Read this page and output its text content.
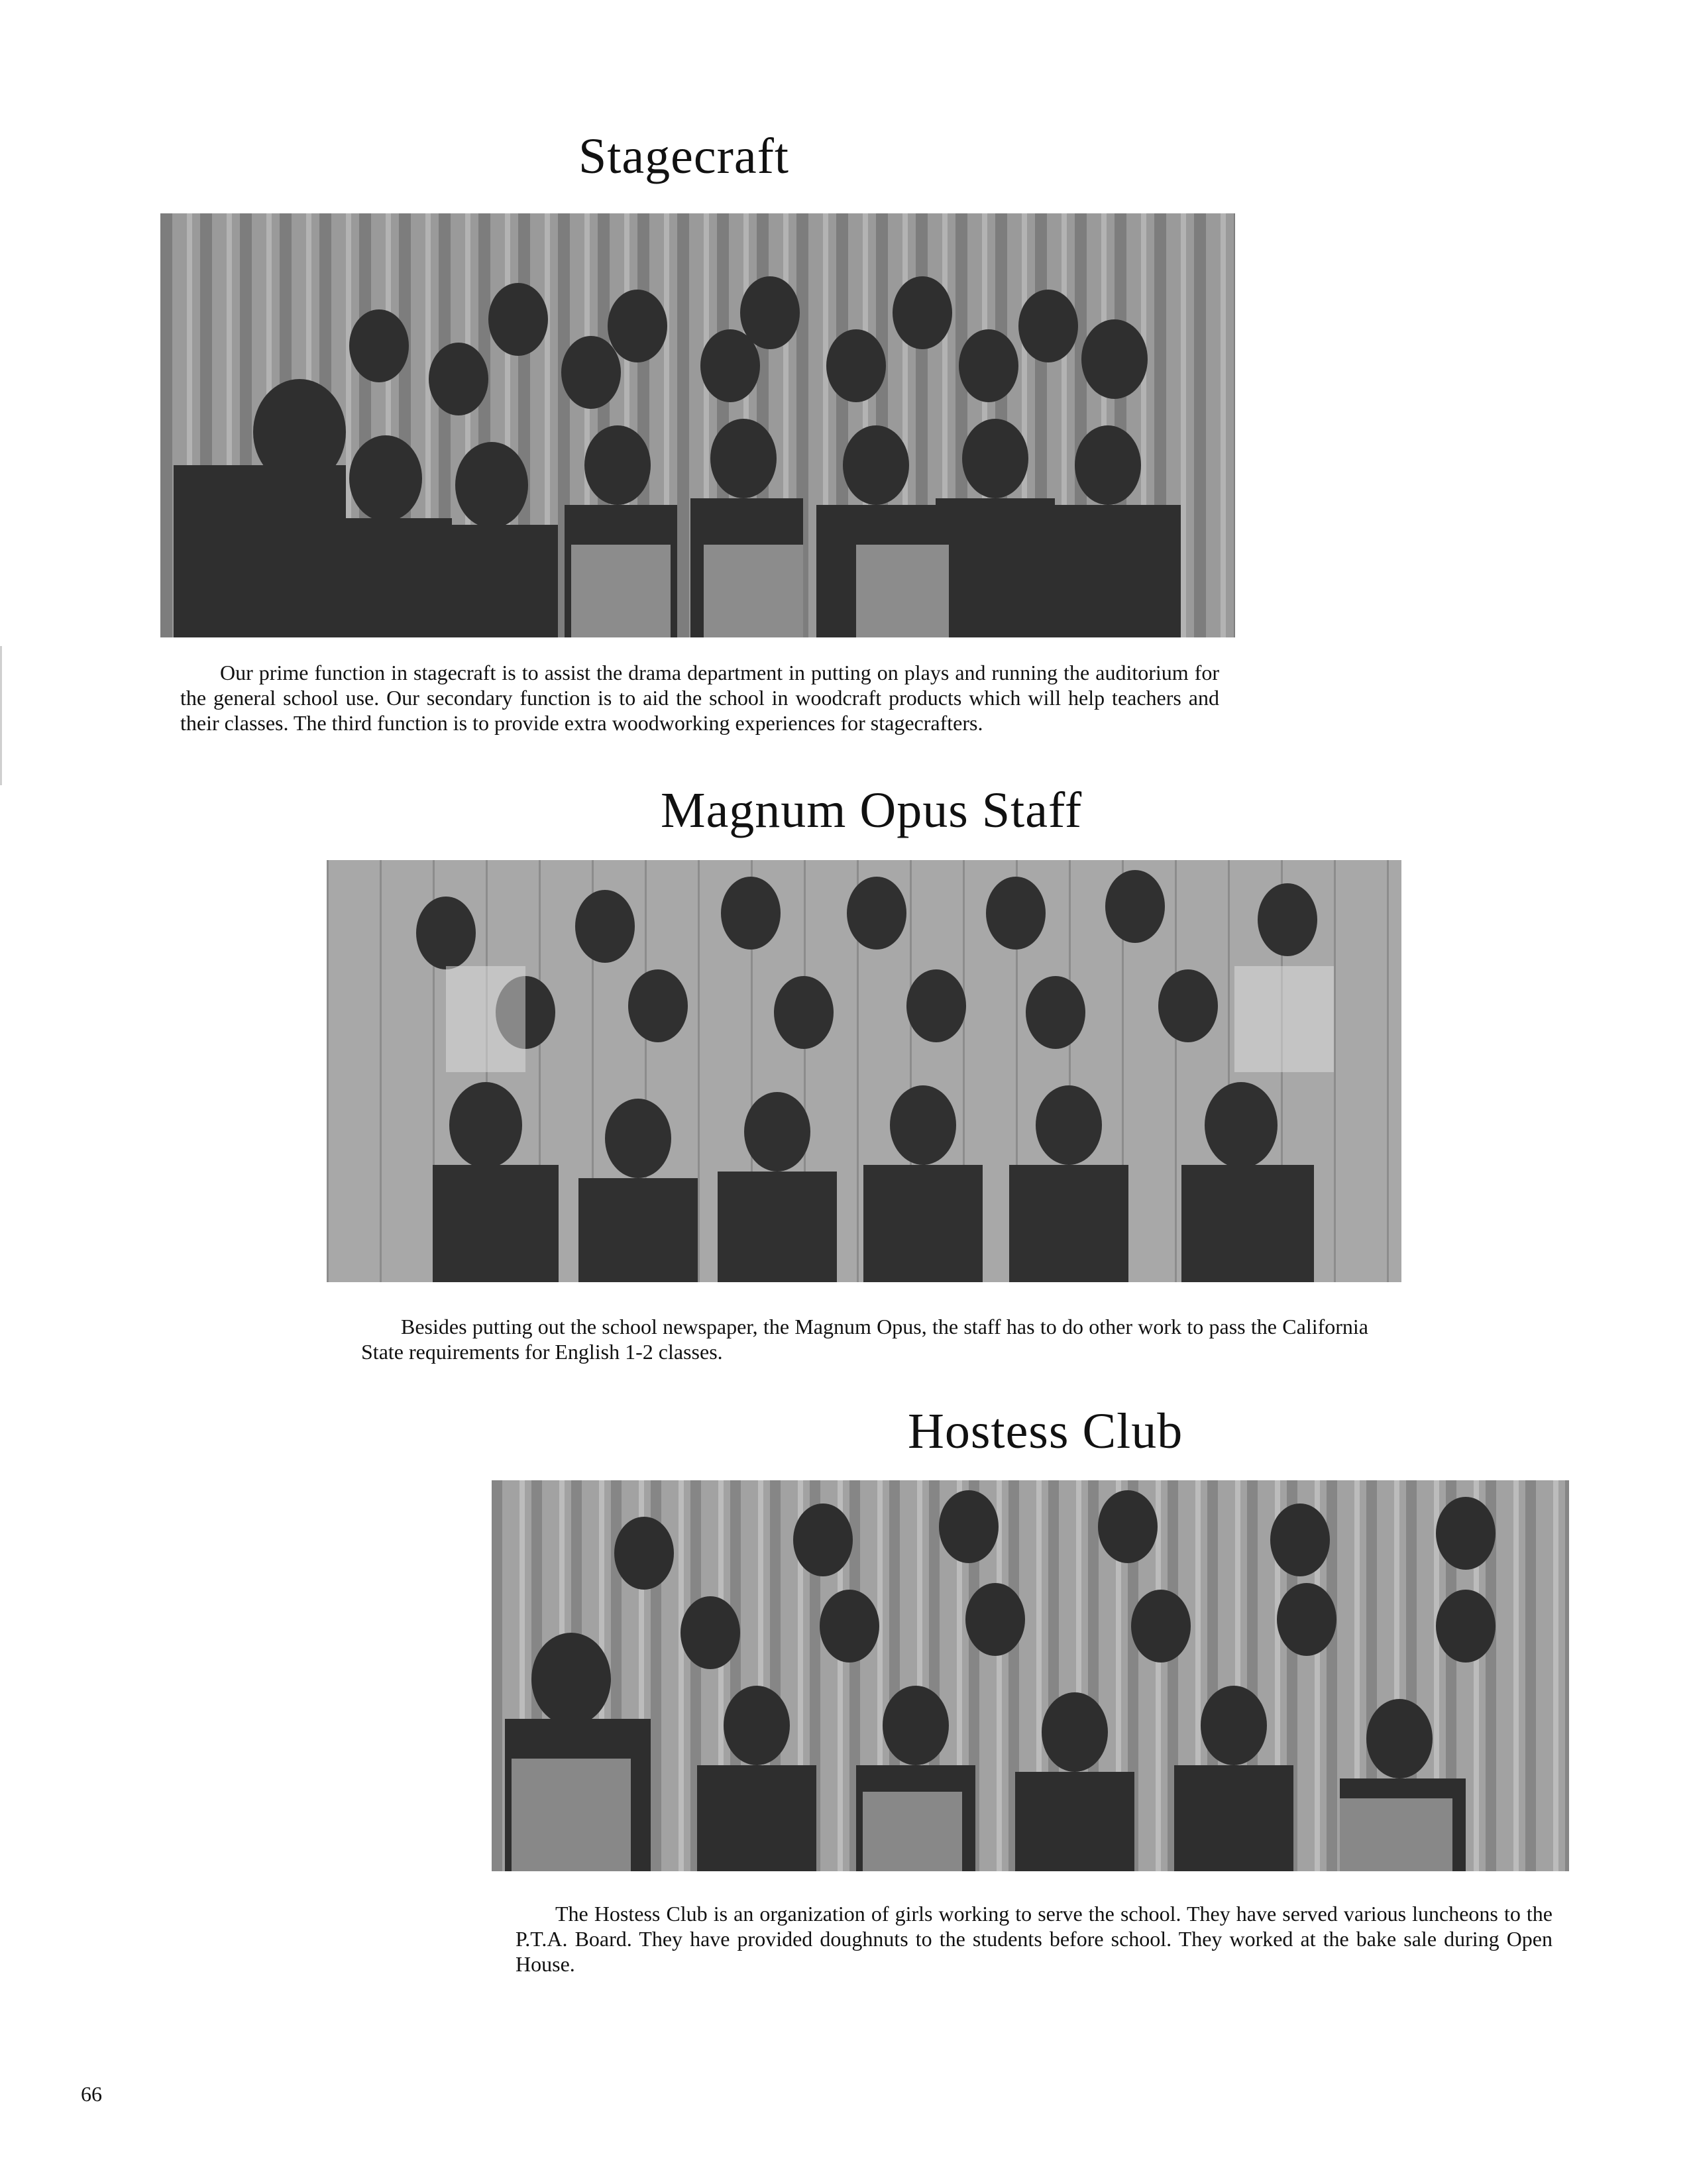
Stagecraft

Our prime function in stagecraft is to assist the drama department in putting on plays and running the auditorium for the general school use. Our secondary function is to aid the school in woodcraft products which will help teachers and their classes. The third function is to provide extra woodworking experiences for stagecrafters.

Magnum Opus Staff

Besides putting out the school newspaper, the Magnum Opus, the staff has to do other work to pass the California State requirements for English 1-2 classes.

Hostess Club

The Hostess Club is an organization of girls working to serve the school. They have served various luncheons to the P.T.A. Board. They have provided doughnuts to the students before school. They worked at the bake sale during Open House.

66
